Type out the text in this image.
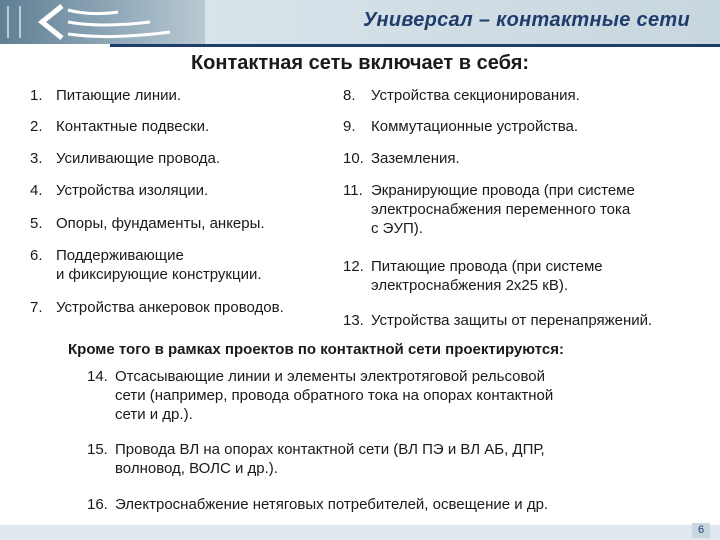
Универсал – контактные сети
Контактная сеть включает в себя:
1. Питающие линии.
2. Контактные подвески.
3. Усиливающие провода.
4. Устройства изоляции.
5. Опоры, фундаменты, анкеры.
6. Поддерживающие
и фиксирующие конструкции.
7. Устройства анкеровок проводов.
8. Устройства секционирования.
9. Коммутационные устройства.
10. Заземления.
11. Экранирующие провода (при системе
электроснабжения переменного тока
с ЭУП).
12. Питающие провода (при системе
электроснабжения 2х25 кВ).
13. Устройства защиты от перенапряжений.
Кроме того в рамках проектов по контактной сети проектируются:
14. Отсасывающие линии и элементы электротяговой рельсовой
сети (например, провода обратного тока на опорах контактной
сети и др.).
15. Провода ВЛ на опорах контактной сети (ВЛ ПЭ и ВЛ АБ, ДПР,
волновод, ВОЛС и др.).
16. Электроснабжение нетяговых потребителей, освещение и др.
6
